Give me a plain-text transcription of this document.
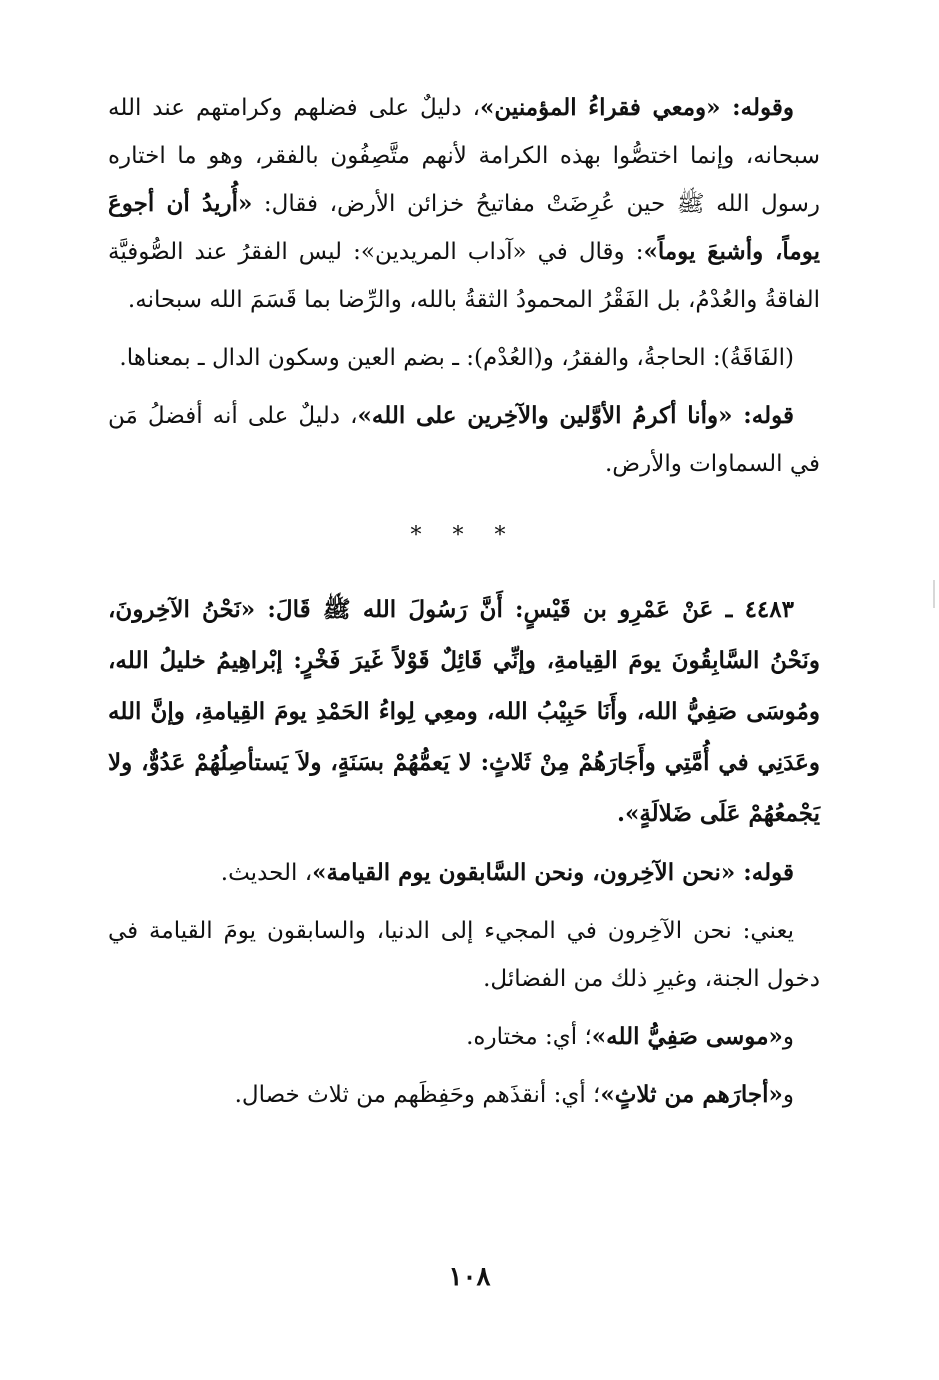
وقوله: «ومعي فقراءُ المؤمنين»، دليلٌ على فضلهم وكرامتهم عند الله سبحانه، وإنما اختصُّوا بهذه الكرامة لأنهم متَّصِفُون بالفقر، وهو ما اختاره رسول الله ﷺ حين عُرِضَتْ مفاتيحُ خزائن الأرض، فقال: «أُريدُ أن أجوعَ يوماً، وأشبعَ يوماً»: وقال في «آداب المريدين»: ليس الفقرُ عند الصُّوفيَّة الفاقةُ والعُدْمُ، بل الفَقْرُ المحمودُ الثقةُ بالله، والرِّضا بما قَسَمَ الله سبحانه.

(الفَاقَةُ): الحاجةُ، والفقرُ، و(العُدْم): ـ بضم العين وسكون الدال ـ بمعناها.

قوله: «وأنا أكرمُ الأوَّلين والآخِرين على الله»، دليلٌ على أنه أفضلُ مَن في السماوات والأرض.

* * *

٤٤٨٣ ـ عَنْ عَمْرِو بن قَيْسٍ: أَنَّ رَسُولَ الله ﷺ قَالَ: «نَحْنُ الآخِرونَ، ونَحْنُ السَّابِقُونَ يومَ القِيامةِ، وإنِّي قَائِلٌ قَوْلاً غَيرَ فَخْرٍ: إبْراهِيمُ خليلُ الله، ومُوسَى صَفِيُّ الله، وأَنَا حَبِيْبُ الله، ومعِي لِواءُ الحَمْدِ يومَ القِيامةِ، وإنَّ الله وعَدَنِي في أُمَّتِي وأَجَارَهُمْ مِنْ ثَلاثٍ: لا يَعمُّهُمْ بسَنَةٍ، ولاَ يَستأصِلُهُمْ عَدُوٌّ، ولا يَجْمعُهُمْ عَلَى ضَلالَةٍ».

قوله: «نحن الآخِرون، ونحن السَّابقون يوم القيامة»، الحديث.

يعني: نحن الآخِرون في المجيء إلى الدنيا، والسابقون يومَ القيامة في دخول الجنة، وغيرِ ذلك من الفضائل.

و«موسى صَفِيُّ الله»؛ أي: مختاره.

و«أجارَهم من ثلاثٍ»؛ أي: أنقذَهم وحَفِظَهم من ثلاث خصال.

١٠٨
